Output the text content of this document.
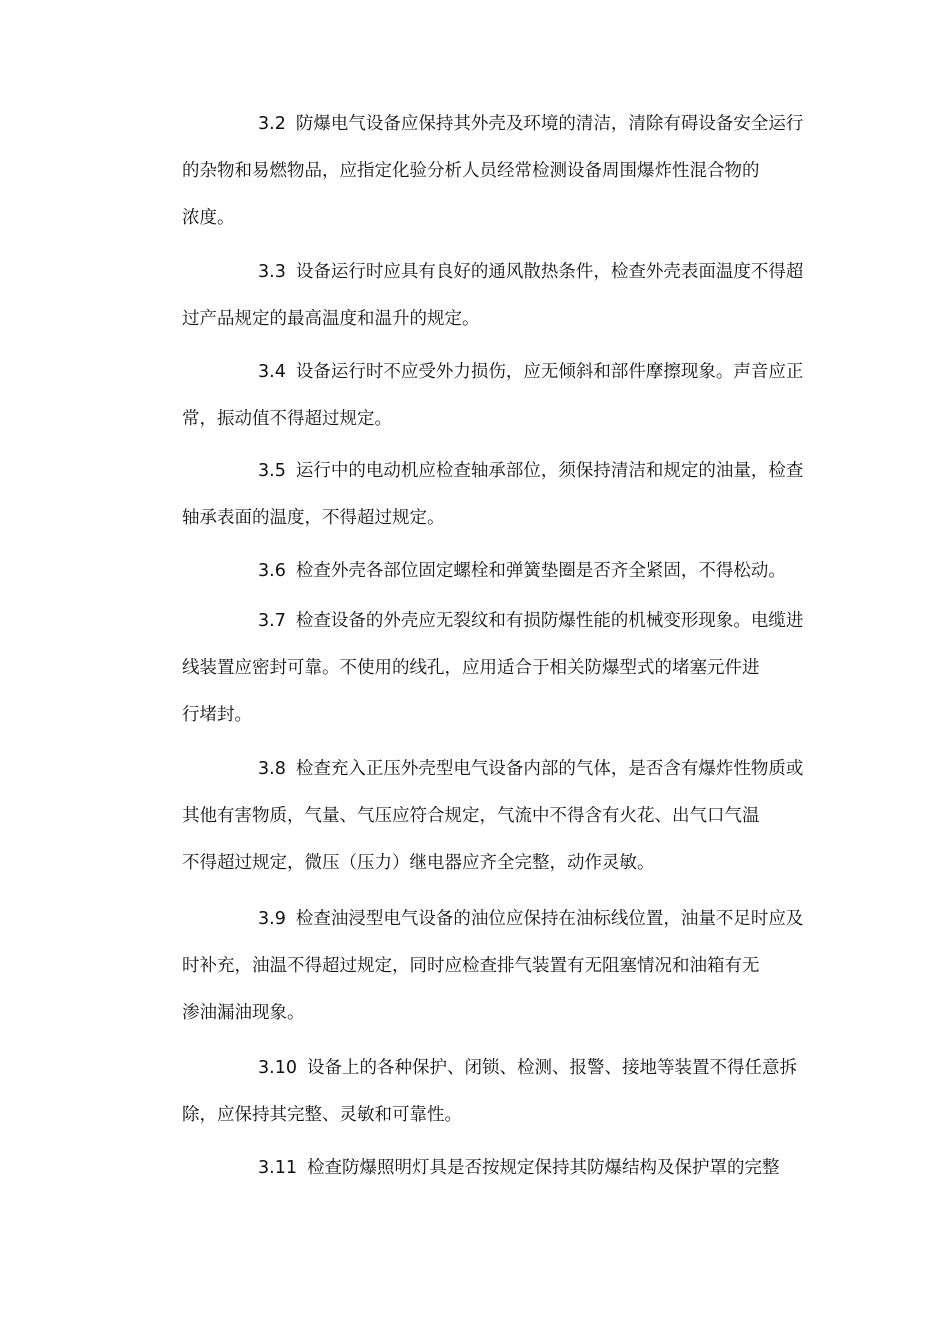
3.2 防爆电气设备应保持其外壳及环境的清洁，清除有碍设备安全运行
的杂物和易燃物品，应指定化验分析人员经常检测设备周围爆炸性混合物的
浓度。
3.3 设备运行时应具有良好的通风散热条件，检查外壳表面温度不得超
过产品规定的最高温度和温升的规定。
3.4 设备运行时不应受外力损伤，应无倾斜和部件摩擦现象。声音应正
常，振动值不得超过规定。
3.5 运行中的电动机应检查轴承部位，须保持清洁和规定的油量，检查
轴承表面的温度，不得超过规定。
3.6 检查外壳各部位固定螺栓和弹簧垫圈是否齐全紧固，不得松动。
3.7 检查设备的外壳应无裂纹和有损防爆性能的机械变形现象。电缆进
线装置应密封可靠。不使用的线孔，应用适合于相关防爆型式的堵塞元件进
行堵封。
3.8 检查充入正压外壳型电气设备内部的气体，是否含有爆炸性物质或
其他有害物质，气量、气压应符合规定，气流中不得含有火花、出气口气温
不得超过规定，微压（压力）继电器应齐全完整，动作灵敏。
3.9 检查油浸型电气设备的油位应保持在油标线位置，油量不足时应及
时补充，油温不得超过规定，同时应检查排气装置有无阻塞情况和油箱有无
渗油漏油现象。
3.10 设备上的各种保护、闭锁、检测、报警、接地等装置不得任意拆
除，应保持其完整、灵敏和可靠性。
3.11 检查防爆照明灯具是否按规定保持其防爆结构及保护罩的完整
